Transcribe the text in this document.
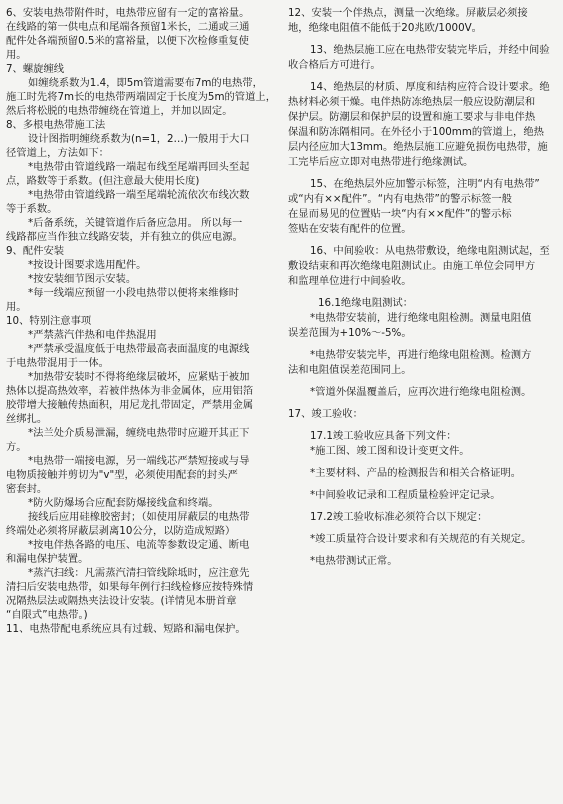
6、安装电热带附件时，电热带应留有一定的富裕量。
在线路的第一供电点和尾端各预留1米长，二通或三通
配件处各端预留0.5米的富裕量，以便下次检修重复使
用。
7、螺旋缠线
如缠绕系数为1.4，即5m管道需要布7m的电热带，
施工时先将7m长的电热带两端固定于长度为5m的管道上，
然后将松脱的电热带缠绕在管道上，并加以固定。
8、多根电热带施工法
设计图指明缠绕系数为(n=1，2…)一般用于大口
径管道上，方法如下：
*电热带由管道线路一端起布线至尾端再回头至起
点，路数等于系数。(但注意最大使用长度)
*电热带由管道线路一端至尾端轮流依次布线次数
等于系数。
*后备系统，关键管道作后备应急用。 所以每一
线路都应当作独立线路安装，并有独立的供应电源。
9、配件安装
*按设计图要求选用配件。
*按安装细节图示安装。
*每一线端应预留一小段电热带以便将来维修时
用。
10、特别注意事项
*严禁蒸汽伴热和电伴热混用
*严禁承受温度低于电热带最高表面温度的电源线
于电热带混用于一体。
*加热带安装时不得将绝缘层破坏，应紧贴于被加
热体以提高热效率，若被伴热体为非金属体，应用铝箔
胶带增大接触传热面积，用尼龙扎带固定，严禁用金属
丝绑扎。
*法兰处介质易泄漏，缠绕电热带时应避开其正下
方。
*电热带一端接电源，另一端线芯严禁短接或与导
电物质接触并剪切为"v"型，必须使用配套的封头严
密套封。
*防火防爆场合应配套防爆接线盒和终端。
接线后应用硅橡胶密封；（如使用屏蔽层的电热带
终端处必须将屏蔽层剥离10公分，以防造成短路）
*按电伴热各路的电压、电流等参数设定通、断电
和漏电保护装置。
*蒸汽扫线：凡需蒸汽清扫管线除坻时，应注意先
清扫后安装电热带，如果每年例行扫线检修应按特殊情
况隔热层法或隔热夹法设计安装。(详情见本册首章
“自限式”电热带。)
11、电热带配电系统应具有过载、短路和漏电保护。
12、安装一个伴热点，测量一次绝缘。屏蔽层必须接
地，绝缘电阻值不能低于20兆欧/1000V。
13、绝热层施工应在电热带安装完毕后，并经中间验
收合格后方可进行。
14、绝热层的材质、厚度和结构应符合设计要求。绝
热材料必须干燥。电伴热防冻绝热层一般应设防潮层和
保护层。防潮层和保护层的设置和施工要求与非电伴热
保温和防冻隔相同。在外径小于100mm的管道上，绝热
层内径应加大13mm。绝热层施工应避免损伤电热带，施
工完毕后应立即对电热带进行绝缘测试。
15、在绝热层外应加警示标签，注明“内有电热带”
或“内有××配件”。“内有电热带”的警示标签一般
在显而易见的位置贴一块“内有××配件”的警示标
签贴在安装有配件的位置。
16、中间验收：从电热带敷设，绝缘电阻测试起，至
敷设结束和再次绝缘电阻测试止。由施工单位会同甲方
和监理单位进行中间验收。
16.1绝缘电阻测试：
*电热带安装前，进行绝缘电阻检测。测量电阻值
误差范围为+10%～-5%。
*电热带安装完毕，再进行绝缘电阻检测。检测方
法和电阻值误差范围同上。
*管道外保温覆盖后，应再次进行绝缘电阻检测。
17、竣工验收：
17.1竣工验收应具备下列文件：
*施工图、竣工图和设计变更文件。
*主要材料、产品的检测报告和相关合格证明。
*中间验收记录和工程质量检验评定记录。
17.2竣工验收标准必须符合以下规定：
*竣工质量符合设计要求和有关规范的有关规定。
*电热带测试正常。
